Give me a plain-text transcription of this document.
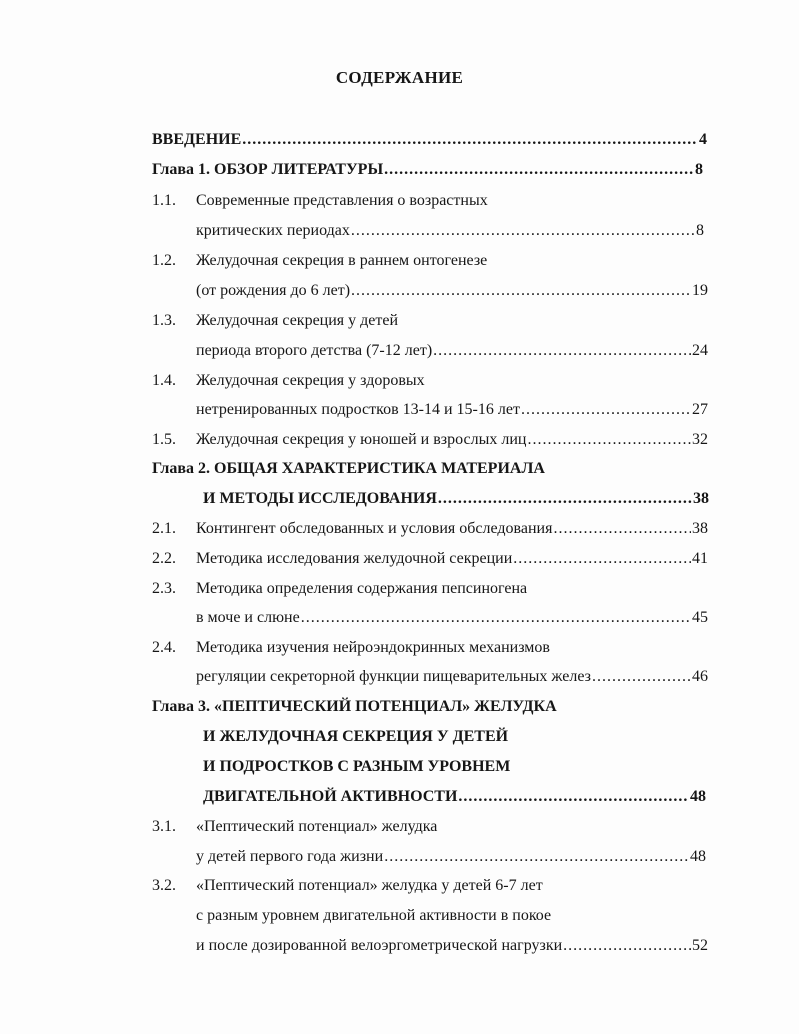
СОДЕРЖАНИЕ
ВВЕДЕНИЕ .....	4
Глава 1. ОБЗОР ЛИТЕРАТУРЫ .....	8
1.1. Современные представления о возрастных
критических периодах .....	8
1.2. Желудочная секреция в раннем онтогенезе
(от рождения до 6 лет) .....	19
1.3. Желудочная секреция у детей
периода второго детства (7-12 лет) .....	24
1.4. Желудочная секреция у здоровых
нетренированных подростков 13-14 и 15-16 лет .....	27
1.5. Желудочная секреция у юношей и взрослых лиц .....	32
Глава 2. ОБЩАЯ ХАРАКТЕРИСТИКА МАТЕРИАЛА
И МЕТОДЫ ИССЛЕДОВАНИЯ .....	38
2.1. Контингент обследованных и условия обследования .....	38
2.2. Методика исследования желудочной секреции .....	41
2.3. Методика определения содержания пепсиногена
в моче и слюне .....	45
2.4. Методика изучения нейроэндокринных механизмов
регуляции секреторной функции пищеварительных желез .....	46
Глава 3. «ПЕПТИЧЕСКИЙ ПОТЕНЦИАЛ» ЖЕЛУДКА
И ЖЕЛУДОЧНАЯ СЕКРЕЦИЯ У ДЕТЕЙ
И ПОДРОСТКОВ С РАЗНЫМ УРОВНЕМ
ДВИГАТЕЛЬНОЙ АКТИВНОСТИ .....	48
3.1. «Пептический потенциал» желудка
у детей первого года жизни .....	48
3.2. «Пептический потенциал» желудка у детей 6-7 лет
с разным уровнем двигательной активности в покое
и после дозированной велоэргометрической нагрузки .....	52
